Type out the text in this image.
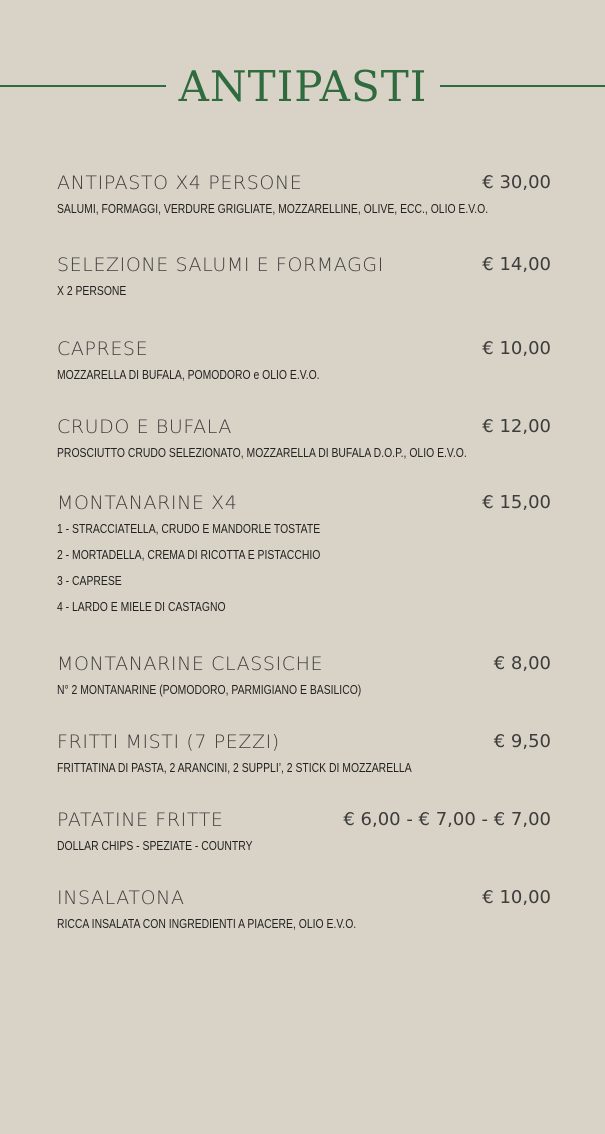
ANTIPASTI
ANTIPASTO X4 PERSONE	€ 30,00
SALUMI, FORMAGGI, VERDURE GRIGLIATE, MOZZARELLINE, OLIVE, ECC., OLIO E.V.O.
SELEZIONE SALUMI E FORMAGGI	€ 14,00
X 2 PERSONE
CAPRESE	€ 10,00
MOZZARELLA DI BUFALA, POMODORO e OLIO E.V.O.
CRUDO E BUFALA	€ 12,00
PROSCIUTTO CRUDO SELEZIONATO, MOZZARELLA DI BUFALA D.O.P., OLIO E.V.O.
MONTANARINE X4	€ 15,00
1 - STRACCIATELLA, CRUDO E MANDORLE TOSTATE
2 - MORTADELLA, CREMA DI RICOTTA E PISTACCHIO
3 - CAPRESE
4 - LARDO E MIELE DI CASTAGNO
MONTANARINE CLASSICHE	€ 8,00
N° 2 MONTANARINE (POMODORO, PARMIGIANO E BASILICO)
FRITTI MISTI (7 PEZZI)	€ 9,50
FRITTATINA DI PASTA, 2 ARANCINI, 2 SUPPLI’, 2 STICK DI MOZZARELLA
PATATINE FRITTE	€ 6,00 - € 7,00 - € 7,00
DOLLAR CHIPS - SPEZIATE - COUNTRY
INSALATONA	€ 10,00
RICCA INSALATA CON INGREDIENTI A PIACERE, OLIO E.V.O.
